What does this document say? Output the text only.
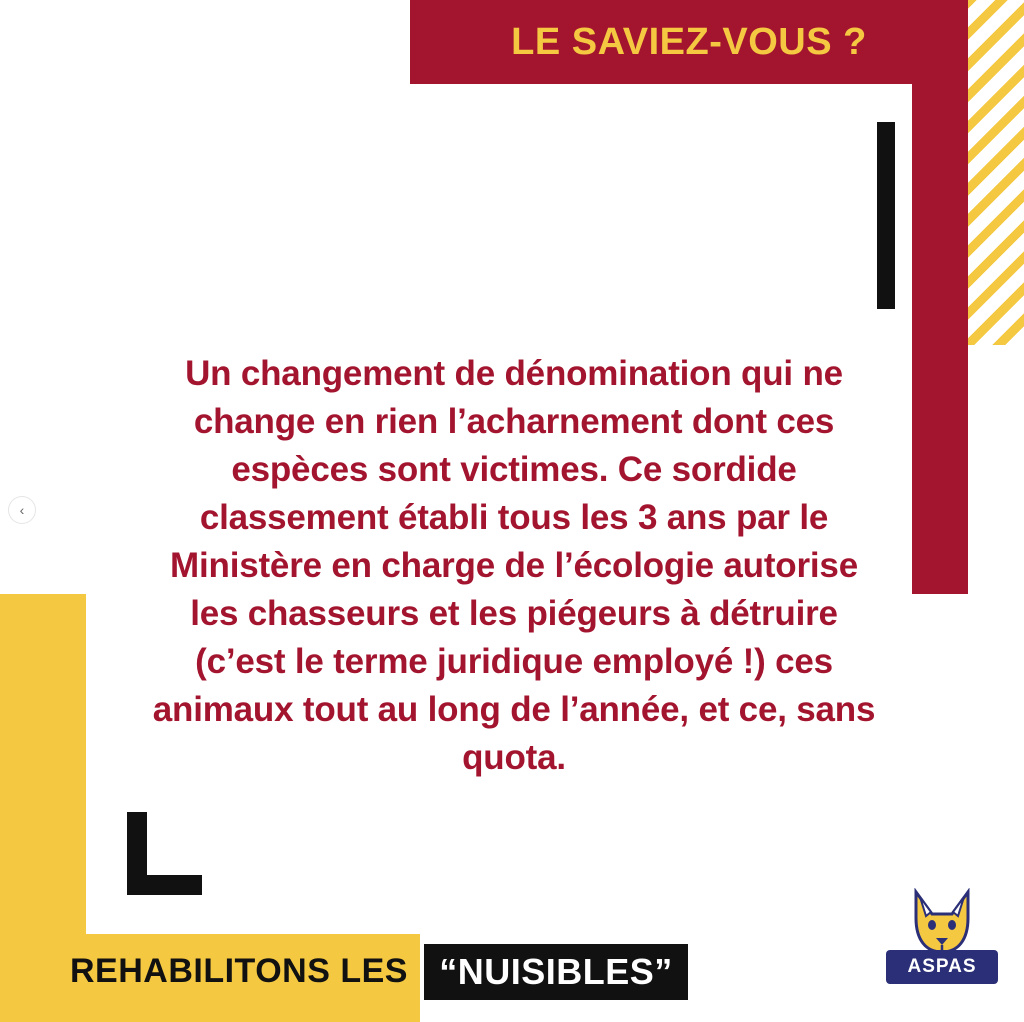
LE SAVIEZ-VOUS ?
Un changement de dénomination qui ne change en rien l’acharnement dont ces espèces sont victimes. Ce sordide classement établi tous les 3 ans par le Ministère en charge de l’écologie autorise les chasseurs et les piégeurs à détruire (c’est le terme juridique employé !) ces animaux tout au long de l’année, et ce, sans quota.
REHABILITONS LES “NUISIBLES”	ASPAS
‹
